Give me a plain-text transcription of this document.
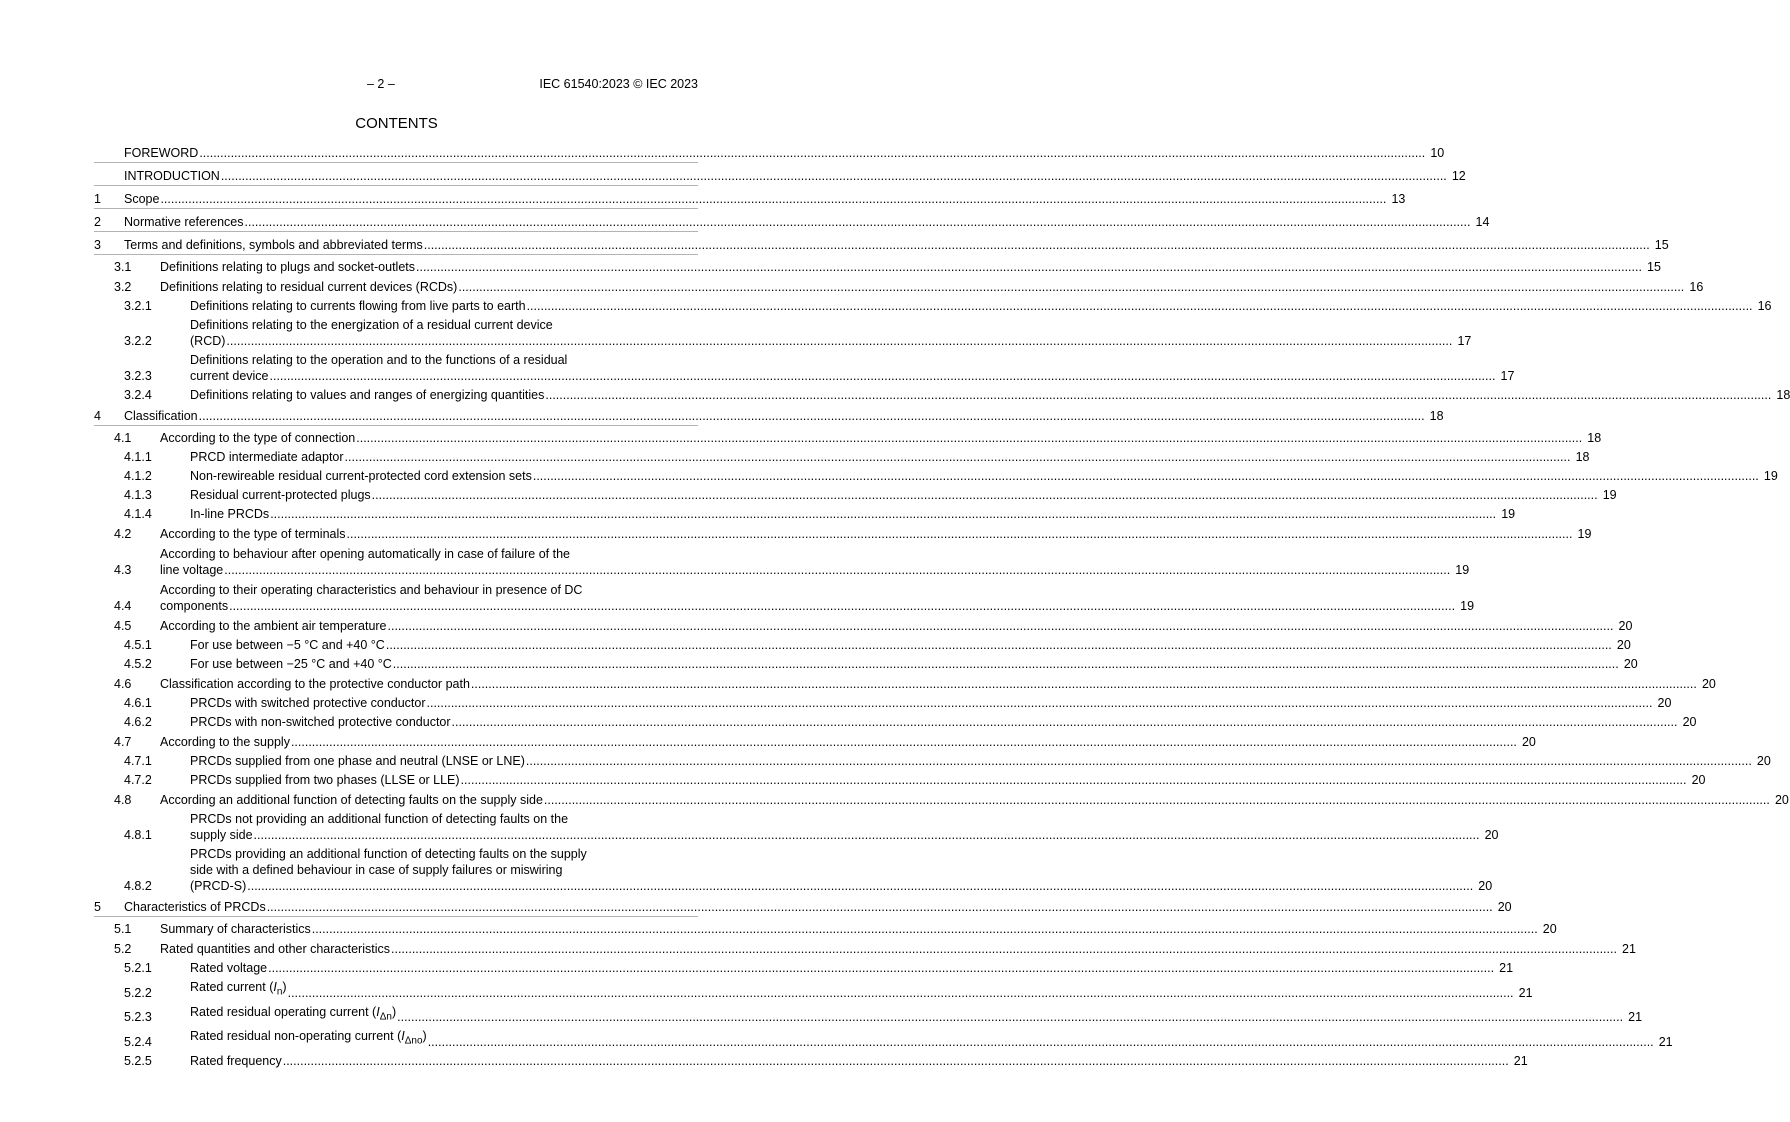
– 2 –	IEC 61540:2023 © IEC 2023
CONTENTS
FOREWORD .....	10
INTRODUCTION .....	12
1	Scope .....	13
2	Normative references .....	14
3	Terms and definitions, symbols and abbreviated terms .....	15
3.1	Definitions relating to plugs and socket-outlets .....	15
3.2	Definitions relating to residual current devices (RCDs) .....	16
3.2.1	Definitions relating to currents flowing from live parts to earth .....	16
3.2.2
Definitions relating to the energization of a residual current device
(RCD) .....	17
3.2.3
Definitions relating to the operation and to the functions of a residual
current device .....	17
3.2.4	Definitions relating to values and ranges of energizing quantities .....	18
4	Classification .....	18
4.1	According to the type of connection .....	18
4.1.1	PRCD intermediate adaptor .....	18
4.1.2	Non-rewireable residual current-protected cord extension sets .....	19
4.1.3	Residual current-protected plugs .....	19
4.1.4	In-line PRCDs .....	19
4.2	According to the type of terminals .....	19
4.3
According to behaviour after opening automatically in case of failure of the
line voltage .....	19
4.4
According to their operating characteristics and behaviour in presence of DC
components .....	19
4.5	According to the ambient air temperature .....	20
4.5.1	For use between −5 °C and +40 °C .....	20
4.5.2	For use between −25 °C and +40 °C .....	20
4.6	Classification according to the protective conductor path .....	20
4.6.1	PRCDs with switched protective conductor .....	20
4.6.2	PRCDs with non-switched protective conductor .....	20
4.7	According to the supply .....	20
4.7.1	PRCDs supplied from one phase and neutral (LNSE or LNE) .....	20
4.7.2	PRCDs supplied from two phases (LLSE or LLE) .....	20
4.8	According an additional function of detecting faults on the supply side .....	20
4.8.1
PRCDs not providing an additional function of detecting faults on the
supply side .....	20
4.8.2
PRCDs providing an additional function of detecting faults on the supply
side with a defined behaviour in case of supply failures or miswiring
(PRCD-S) .....	20
5	Characteristics of PRCDs .....	20
5.1	Summary of characteristics .....	20
5.2	Rated quantities and other characteristics .....	21
5.2.1	Rated voltage .....	21
5.2.2	Rated current $(I_n)$ .....	21
5.2.3	Rated residual operating current $(I_{\Delta n})$ .....	21
5.2.4	Rated residual non-operating current $(I_{\Delta no})$ .....	21
5.2.5	Rated frequency .....	21
